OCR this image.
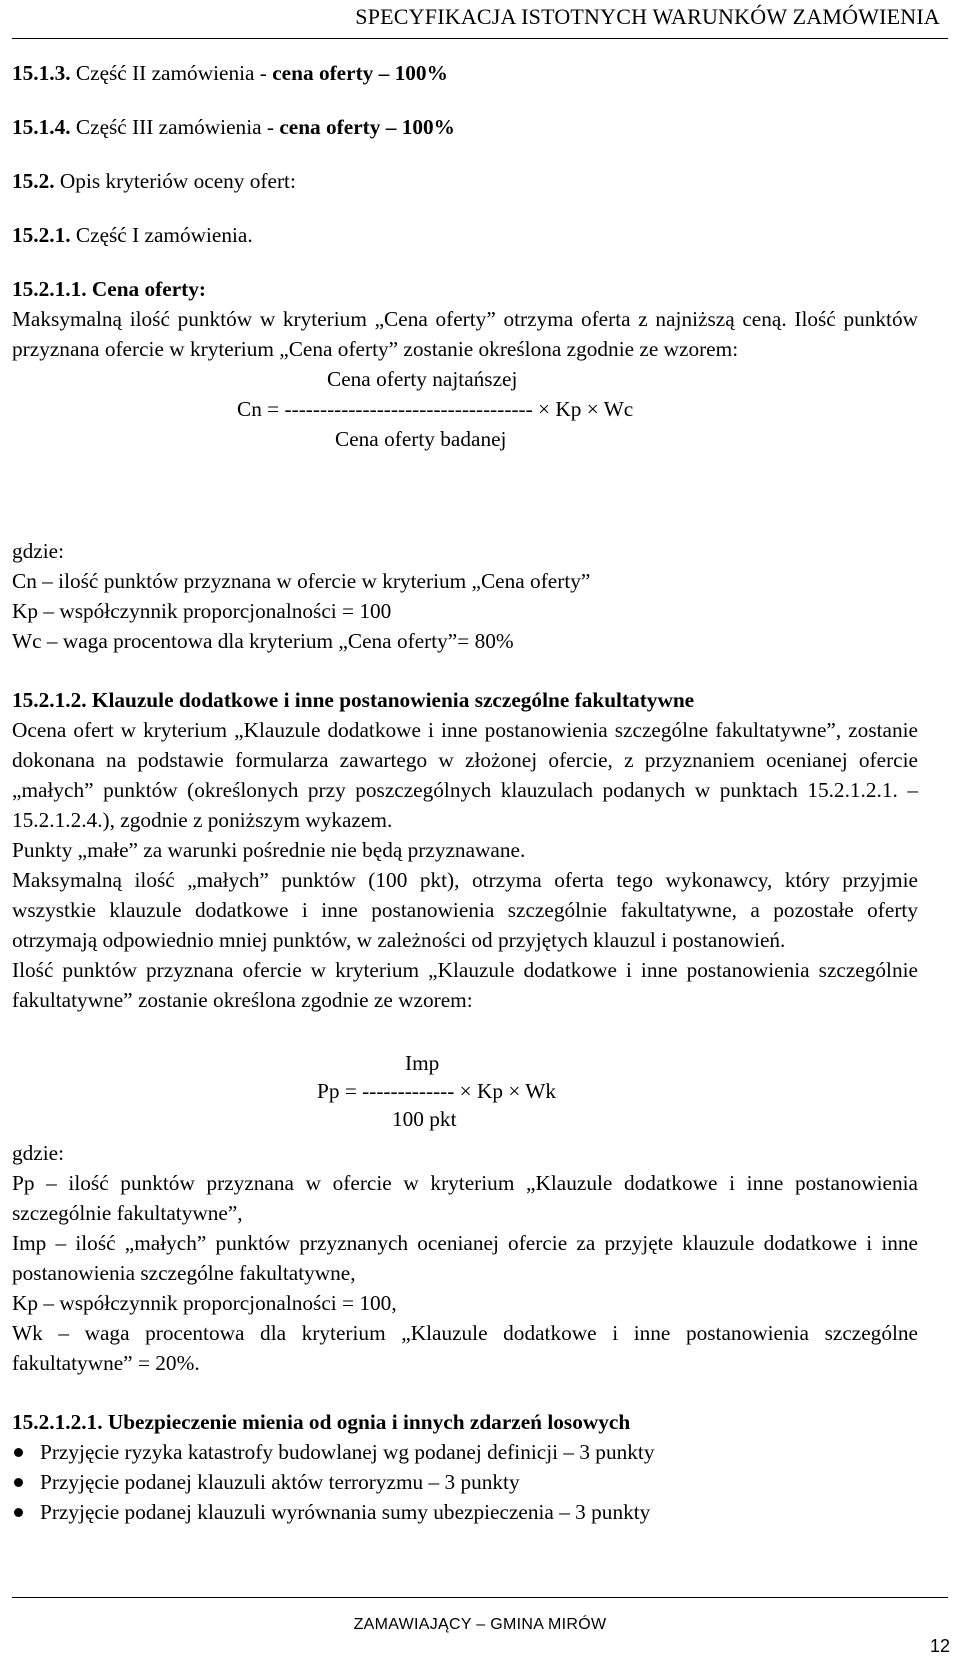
SPECYFIKACJA ISTOTNYCH WARUNKÓW ZAMÓWIENIA

15.1.3. Część II zamówienia - cena oferty – 100%

15.1.4. Część III zamówienia - cena oferty – 100%

15.2. Opis kryteriów oceny ofert:

15.2.1. Część I zamówienia.

15.2.1.1. Cena oferty:

Maksymalną ilość punktów w kryterium „Cena oferty” otrzyma oferta z najniższą ceną. Ilość punktów przyznana ofercie w kryterium „Cena oferty” zostanie określona zgodnie ze wzorem:

Cena oferty najtańszej
Cn = ----------------------------------- × Kp × Wc
Cena oferty badanej

gdzie:

Cn – ilość punktów przyznana w ofercie w kryterium „Cena oferty”

Kp – współczynnik proporcjonalności = 100

Wc – waga procentowa dla kryterium „Cena oferty”= 80%

15.2.1.2. Klauzule dodatkowe i inne postanowienia szczególne fakultatywne

Ocena ofert w kryterium „Klauzule dodatkowe i inne postanowienia szczególne fakultatywne”, zostanie dokonana na podstawie formularza zawartego w złożonej ofercie, z przyznaniem ocenianej ofercie „małych” punktów (określonych przy poszczególnych klauzulach podanych w punktach 15.2.1.2.1. – 15.2.1.2.4.), zgodnie z poniższym wykazem.

Punkty „małe” za warunki pośrednie nie będą przyznawane.

Maksymalną ilość „małych” punktów (100 pkt), otrzyma oferta tego wykonawcy, który przyjmie wszystkie klauzule dodatkowe i inne postanowienia szczególnie fakultatywne, a pozostałe oferty otrzymają odpowiednio mniej punktów, w zależności od przyjętych klauzul i postanowień.

Ilość punktów przyznana ofercie w kryterium „Klauzule dodatkowe i inne postanowienia szczególnie fakultatywne” zostanie określona zgodnie ze wzorem:

Imp
Pp = ------------- × Kp × Wk
100 pkt

gdzie:

Pp – ilość punktów przyznana w ofercie w kryterium „Klauzule dodatkowe i inne postanowienia szczególnie fakultatywne”,

Imp – ilość „małych” punktów przyznanych ocenianej ofercie za przyjęte klauzule dodatkowe i inne postanowienia szczególne fakultatywne,

Kp – współczynnik proporcjonalności = 100,

Wk – waga procentowa dla kryterium „Klauzule dodatkowe i inne postanowienia szczególne fakultatywne” = 20%.

15.2.1.2.1. Ubezpieczenie mienia od ognia i innych zdarzeń losowych

Przyjęcie ryzyka katastrofy budowlanej wg podanej definicji – 3 punkty
Przyjęcie podanej klauzuli aktów terroryzmu – 3 punkty
Przyjęcie podanej klauzuli wyrównania sumy ubezpieczenia – 3 punkty
ZAMAWIAJĄCY – GMINA MIRÓW
12
